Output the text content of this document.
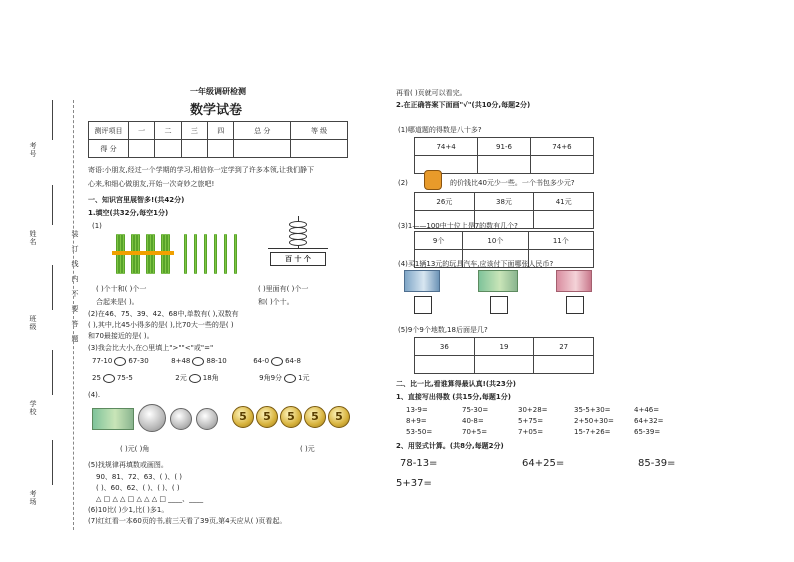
考号
姓名
班级
学校
考场
装订线内不要答题
一年级调研检测
数学试卷
测评项目	一	二	三	四	总 分	等 级
得 分						
寄语:小朋友,经过一个学期的学习,相信你一定学到了许多本领,让我们静下
心来,和细心做朋友,开始一次奇妙之旅吧!
一、知识宫里展智多!(共42分)
1.填空(共32分,每空1分)
(1)
百 十 个
( )个十和( )个一	( )里面有( )个一
合起来是( )。	和( )个十。
(2)在46、75、39、42、68中,单数有( ),双数有
( ),其中,比45小得多的是( ),比70大一些的是( )
和70最接近的是( )。
(3)我会比大小,在○里填上">""<"或"="
77-10 67-30	8+48 88-10	64-0 64-8
25 75-5	2元 18角	9角9分 1元
(4).
5	5	5	5	5
( )元( )角	( )元
(5)找规律再填数或画图。
90、81、72、63、( )、( )
( )、60、62、( )、( )、( )
△ □ △ △ □ △ △ △ □ ____、____
(6)10比( )少1,比( )多1。
(7)红红看一本60页的书,前三天看了39页,第4天应从( )页看起。
再看( )页就可以看完。
2.在正确答案下面画"√"(共10分,每题2分)
(1)哪道题的得数是八十多?
74+4	91-6	74+6

(2)	的价钱比40元少一些。一个书包多少元?
26元	38元	41元

(3)1——100中十位上是7的数有几个?
9个	10个	11个

(4)买1辆13元的玩具汽车,应该付下面哪张人民币?
(5)9个9个地数,18后面是几?
36	19	27

二、比一比,看谁算得最认真!(共23分)
1、直接写出得数 (共15分,每题1分)
13-9=	75-30=	30+28=	35-5+30=	4+46=
8+9=	40-8=	5+75=	2+50+30=	64+32=
53-50=	70+5=	7+05=	15-7+26=	65-39=
2、用竖式计算。(共8分,每题2分)
78-13=	64+25=	85-39=
5+37=
